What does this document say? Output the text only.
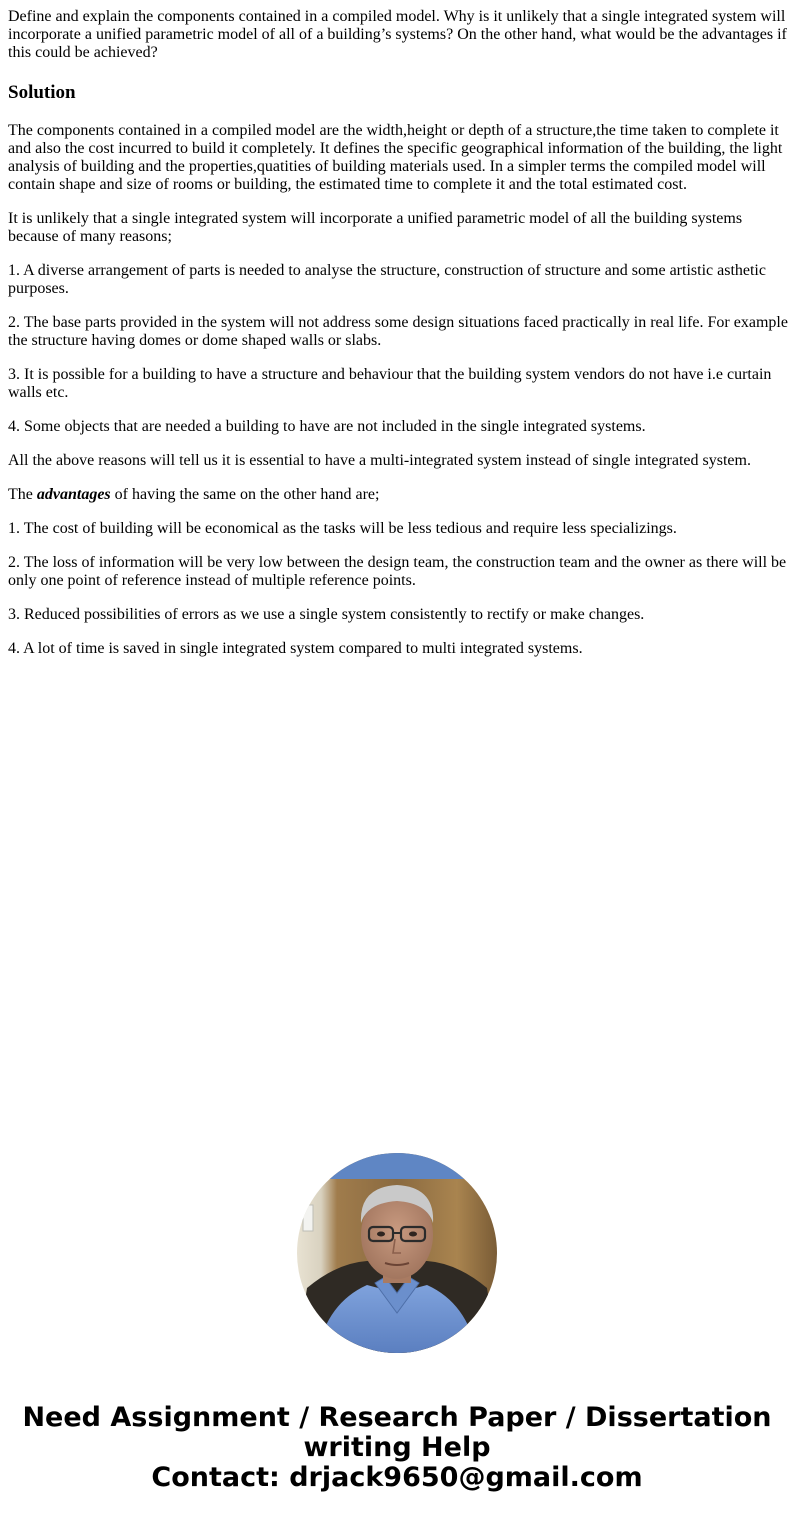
Define and explain the components contained in a compiled model. Why is it unlikely that a single integrated system will incorporate a unified parametric model of all of a building’s systems? On the other hand, what would be the advantages if this could be achieved?

Solution

The components contained in a compiled model are the width,height or depth of a structure,the time taken to complete it and also the cost incurred to build it completely. It defines the specific geographical information of the building, the light analysis of building and the properties,quatities of building materials used. In a simpler terms the compiled model will contain shape and size of rooms or building, the estimated time to complete it and the total estimated cost.

It is unlikely that a single integrated system will incorporate a unified parametric model of all the building systems because of many reasons;

1. A diverse arrangement of parts is needed to analyse the structure, construction of structure and some artistic asthetic purposes.

2. The base parts provided in the system will not address some design situations faced practically in real life. For example the structure having domes or dome shaped walls or slabs.

3. It is possible for a building to have a structure and behaviour that the building system vendors do not have i.e curtain walls etc.

4. Some objects that are needed a building to have are not included in the single integrated systems.

All the above reasons will tell us it is essential to have a multi-integrated system instead of single integrated system.

The advantages of having the same on the other hand are;

1. The cost of building will be economical as the tasks will be less tedious and require less specializings.

2. The loss of information will be very low between the design team, the construction team and the owner as there will be only one point of reference instead of multiple reference points.

3. Reduced possibilities of errors as we use a single system consistently to rectify or make changes.

4. A lot of time is saved in single integrated system compared to multi integrated systems.

Need Assignment / Research Paper / Dissertation
writing Help
Contact: drjack9650@gmail.com
